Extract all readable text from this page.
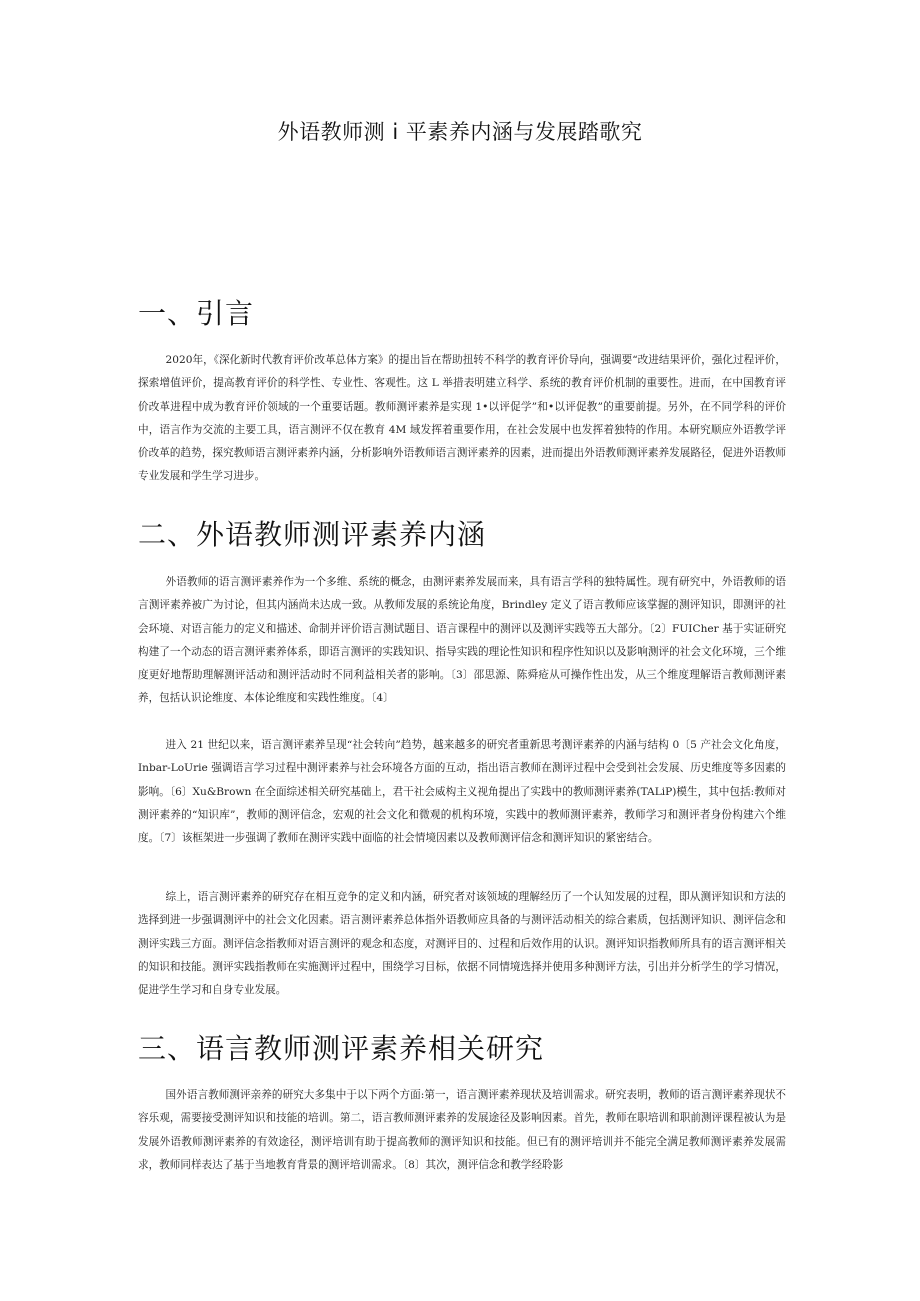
外语教师测 i 平素养内涵与发展踏歌究
一、引言

2020年，《深化新时代教育评价改革总体方案》的提出旨在帮助扭转不科学的教育评价导向，强调要“改进结果评价，强化过程评价，探索增值评价，提高教育评价的科学性、专业性、客观性。这 L 举措表明建立科学、系统的教育评价机制的重要性。进而，在中国教育评价改革进程中成为教育评价领域的一个重要话题。教师测评素养是实现 1•以评促学”和•以评促教”的重要前提。另外，在不同学科的评价中，语言作为交流的主要工具，语言测评不仅在教育 4M 域发挥着重要作用，在社会发展中也发挥着独特的作用。本研究顺应外语教学评价改革的趋势，探究教师语言测评素养内涵，分析影响外语教师语言测评素养的因素，进而提出外语教师测评素养发展路径，促进外语教师专业发展和学生学习进步。

二、外语教师测评素养内涵

外语教师的语言测评素养作为一个多维、系统的概念，由测评素养发展而来，具有语言学科的独特属性。现有研究中，外语教师的语言测评素养被广为讨论，但其内涵尚未达成一致。从教师发展的系统论角度，Brindley 定义了语言教师应该掌握的测评知识，即测评的社会环境、对语言能力的定义和描述、命制并评价语言测试题目、语言课程中的测评以及测评实践等五大部分。〔2〕FUICher 基于实证研究构建了一个动态的语言测评素养体系，即语言测评的实践知识、指导实践的理论性知识和程序性知识以及影响测评的社会文化环境，三个维度更好地帮助理解测评活动和测评活动时不同利益相关者的影响。〔3〕邵思源、陈舜疮从可操作性出发，从三个维度理解语言教师测评素养，包括认识论维度、本体论维度和实践性维度。〔4〕

进入 21 世纪以来，语言测评素养呈现“社会转向”趋势，越来越多的研究者重新思考测评素养的内涵与结构 0〔5 产社会文化角度，Inbar-LoUrie 强调语言学习过程中测评素养与社会环境各方面的互动，指出语言教师在测评过程中会受到社会发展、历史维度等多因素的影响。〔6〕Xu&Brown 在全面综述相关研究基础上，君干社会威构主义视角提出了实践中的教师测评素养(TALiP)模生，其中包括:教师对测评素养的“知识库”，教师的测评信念，宏观的社会文化和微观的机构环境，实践中的教师测评素养，教师学习和测评者身份构建六个维度。〔7〕该框架进一步强调了教师在测评实践中面临的社会情境因素以及教师测评信念和测评知识的紧密结合。

综上，语言测评素养的研究存在相互竞争的定义和内涵，研究者对该领域的理解经历了一个认知发展的过程，即从测评知识和方法的选择到进一步强调测评中的社会文化因素。语言测评素养总体指外语教师应具备的与测评活动相关的综合素质，包括测评知识、测评信念和测评实践三方面。测评信念指教师对语言测评的观念和态度，对测评目的、过程和后效作用的认识。测评知识指教师所具有的语言测评相关的知识和技能。测评实践指教师在实施测评过程中，围绕学习目标，依据不同情境选择并使用多种测评方法，引出并分析学生的学习情况，促进学生学习和自身专业发展。

三、语言教师测评素养相关研究

国外语言教师测评亲养的研究大多集中于以下两个方面:第一，语言测评素养现状及培训需求。研究表明，教师的语言测评素养现状不容乐观，需要接受测评知识和技能的培训。第二，语言教师测评素养的发展途径及影响因素。首先，教师在职培训和职前测评课程被认为是发展外语教师测评素养的有效途径，测评培训有助于提高教师的测评知识和技能。但已有的测评培训并不能完全满足教师测评素养发展需求，教师同样表达了基于当地教育背景的测评培训需求。〔8〕其次，测评信念和教学经聆影
